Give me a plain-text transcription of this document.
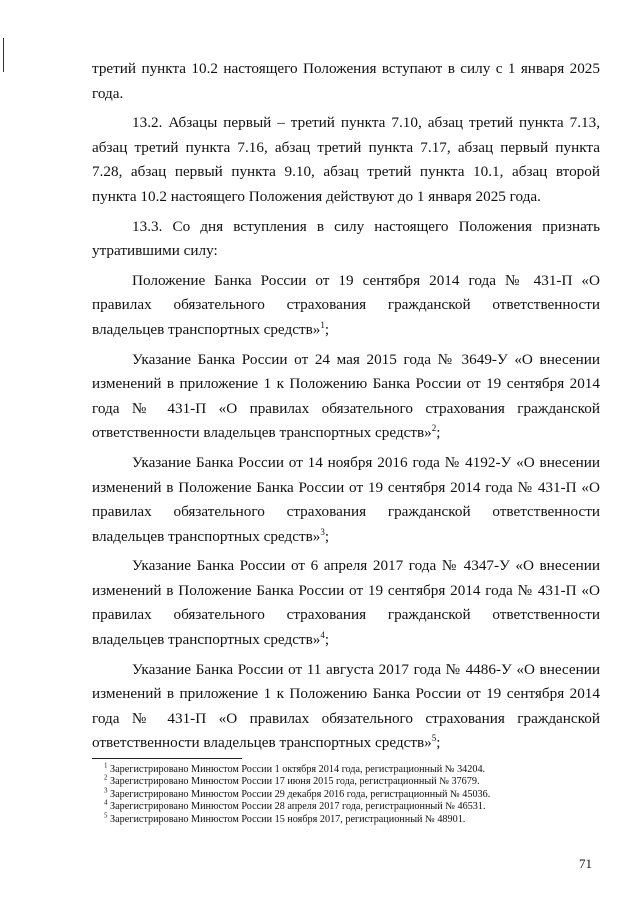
третий пункта 10.2 настоящего Положения вступают в силу с 1 января 2025 года.

13.2. Абзацы первый – третий пункта 7.10, абзац третий пункта 7.13, абзац третий пункта 7.16, абзац третий пункта 7.17, абзац первый пункта 7.28, абзац первый пункта 9.10, абзац третий пункта 10.1, абзац второй пункта 10.2 настоящего Положения действуют до 1 января 2025 года.

13.3. Со дня вступления в силу настоящего Положения признать утратившими силу:

Положение Банка России от 19 сентября 2014 года № 431-П «О правилах обязательного страхования гражданской ответственности владельцев транспортных средств»$^1$;

Указание Банка России от 24 мая 2015 года № 3649-У «О внесении изменений в приложение 1 к Положению Банка России от 19 сентября 2014 года № 431-П «О правилах обязательного страхования гражданской ответственности владельцев транспортных средств»$^2$;

Указание Банка России от 14 ноября 2016 года № 4192-У «О внесении изменений в Положение Банка России от 19 сентября 2014 года № 431-П «О правилах обязательного страхования гражданской ответственности владельцев транспортных средств»$^3$;

Указание Банка России от 6 апреля 2017 года № 4347-У «О внесении изменений в Положение Банка России от 19 сентября 2014 года № 431-П «О правилах обязательного страхования гражданской ответственности владельцев транспортных средств»$^4$;

Указание Банка России от 11 августа 2017 года № 4486-У «О внесении изменений в приложение 1 к Положению Банка России от 19 сентября 2014 года № 431-П «О правилах обязательного страхования гражданской ответственности владельцев транспортных средств»$^5$;

$^1$ Зарегистрировано Минюстом России 1 октября 2014 года, регистрационный № 34204.
$^2$ Зарегистрировано Минюстом России 17 июня 2015 года, регистрационный № 37679.
$^3$ Зарегистрировано Минюстом России 29 декабря 2016 года, регистрационный № 45036.
$^4$ Зарегистрировано Минюстом России 28 апреля 2017 года, регистрационный № 46531.
$^5$ Зарегистрировано Минюстом России 15 ноября 2017, регистрационный № 48901.
71
